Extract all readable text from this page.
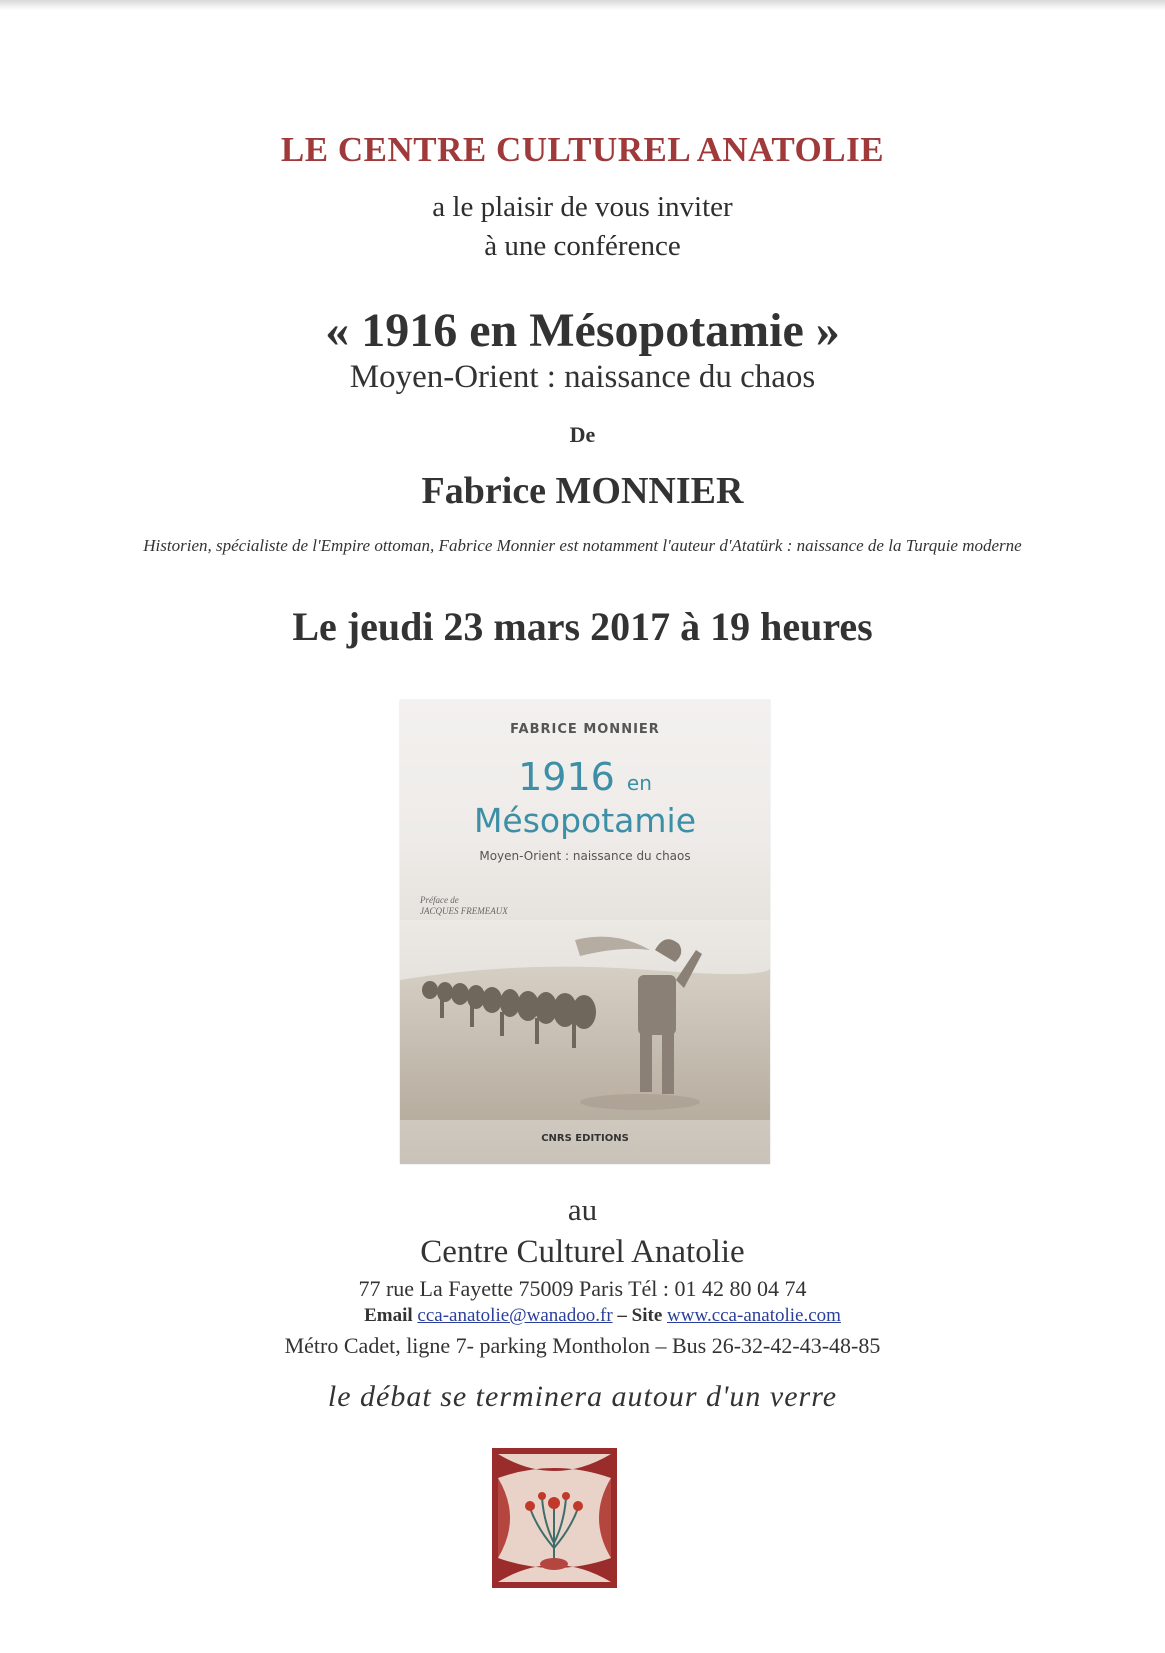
LE CENTRE CULTUREL ANATOLIE
a le plaisir de vous inviter
à une conférence
« 1916 en Mésopotamie »
Moyen-Orient : naissance du chaos
De
Fabrice MONNIER
Historien, spécialiste de l'Empire ottoman, Fabrice Monnier est notamment l'auteur d'Atatürk : naissance de la Turquie moderne
Le jeudi 23 mars 2017 à 19 heures
FABRICE MONNIER
1916 en
Mésopotamie
Moyen-Orient : naissance du chaos
Préface de
JACQUES FREMEAUX
CNRS EDITIONS
au
Centre Culturel Anatolie
77 rue La Fayette 75009 Paris Tél : 01 42 80 04 74
Email cca-anatolie@wanadoo.fr – Site www.cca-anatolie.com
Métro Cadet, ligne 7- parking Montholon – Bus 26-32-42-43-48-85
le débat se terminera autour d'un verre
